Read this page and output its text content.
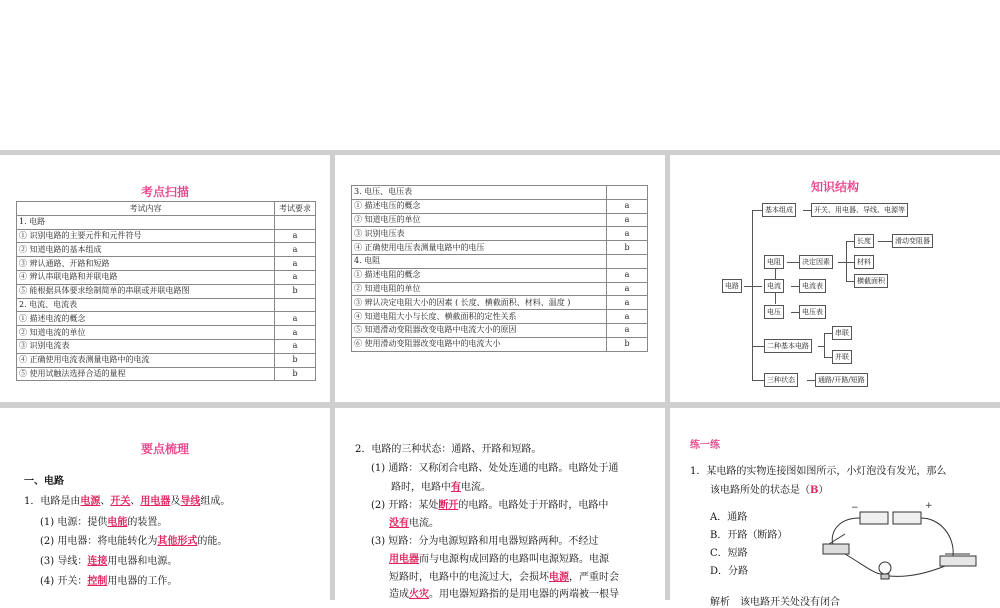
考点扫描
考试内容	考试要求
1. 电路	
① 识别电路的主要元件和元件符号	a
② 知道电路的基本组成	a
③ 辨认通路、开路和短路	a
④ 辨认串联电路和并联电路	a
⑤ 能根据具体要求绘制简单的串联或并联电路图	b
2. 电流、电流表	
① 描述电流的概念	a
② 知道电流的单位	a
③ 识别电流表	a
④ 正确使用电流表测量电路中的电流	b
⑤ 使用试触法选择合适的量程	b
3. 电压、电压表	
① 描述电压的概念	a
② 知道电压的单位	a
③ 识别电压表	a
④ 正确使用电压表测量电路中的电压	b
4. 电阻	
① 描述电阻的概念	a
② 知道电阻的单位	a
③ 辨认决定电阻大小的因素 ( 长度、横截面积、材料、温度 )	a
④ 知道电阻大小与长度、横截面积的定性关系	a
⑤ 知道滑动变阻器改变电路中电流大小的原因	a
⑥ 使用滑动变阻器改变电路中的电流大小	b
知识结构
电路
基本组成	开关、用电器、导线、电源等
电阻	决定因素
长度	滑动变阻器
材料
横截面积
电流	电流表
电压	电压表
二种基本电路
串联
并联
三种状态	通路/开路/短路
要点梳理
一、电路
1．电路是由电源、开关、用电器及导线组成。
(1) 电源：提供电能的装置。
(2) 用电器：将电能转化为其他形式的能。
(3) 导线：连接用电器和电源。
(4) 开关：控制用电器的工作。
2．电路的三种状态：通路、开路和短路。
(1) 通路：又称闭合电路、处处连通的电路。电路处于通
路时，电路中有电流。
(2) 开路：某处断开的电路。电路处于开路时，电路中
没有电流。
(3) 短路：分为电源短路和用电器短路两种。不经过
用电器而与电源构成回路的电路叫电源短路。电源
短路时，电路中的电流过大，会损坏电源，严重时会
造成火灾。用电器短路指的是用电器的两端被一根导
练一练
1．某电路的实物连接图如图所示，小灯泡没有发光，那么
该电路所处的状态是（B）
A．通路
B．开路（断路）
C．短路
D．分路
解析　该电路开关处没有闭合
−	+
